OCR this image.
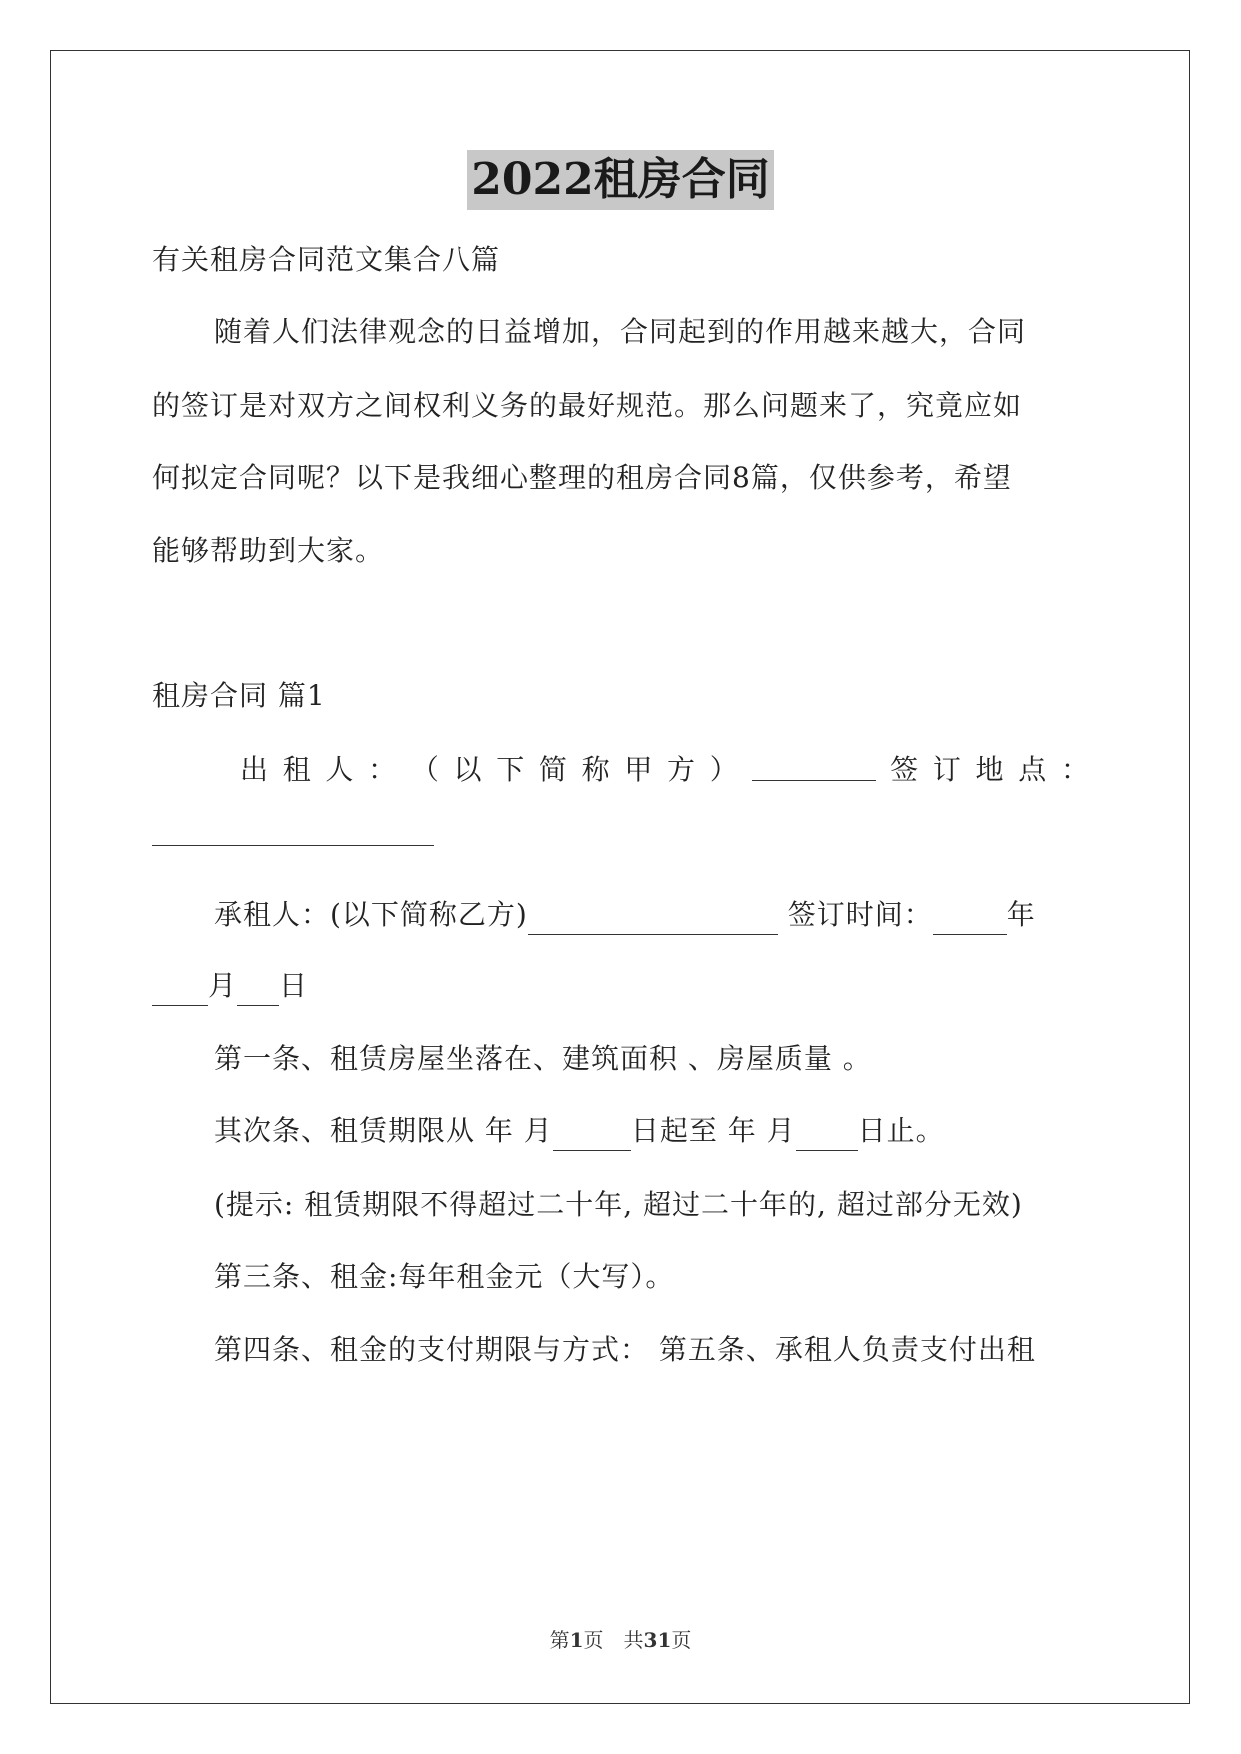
2022租房合同
有关租房合同范文集合八篇
随着人们法律观念的日益增加，合同起到的作用越来越大，合同
的签订是对双方之间权利义务的最好规范。那么问题来了，究竟应如
何拟定合同呢？以下是我细心整理的租房合同8篇，仅供参考，希望
能够帮助到大家。
租房合同 篇1
出 租 人 ： （ 以 下 简 称 甲 方 ）	签 订 地 点 ：
承租人：(以下简称乙方)	签订时间：	年
月 日
第一条、租赁房屋坐落在、建筑面积 、房屋质量 。
其次条、租赁期限从 年 月	日起至 年 月 日止。
(提示: 租赁期限不得超过二十年, 超过二十年的, 超过部分无效)
第三条、租金:每年租金元（大写）。
第四条、租金的支付期限与方式： 第五条、承租人负责支付出租
第1页　共31页
